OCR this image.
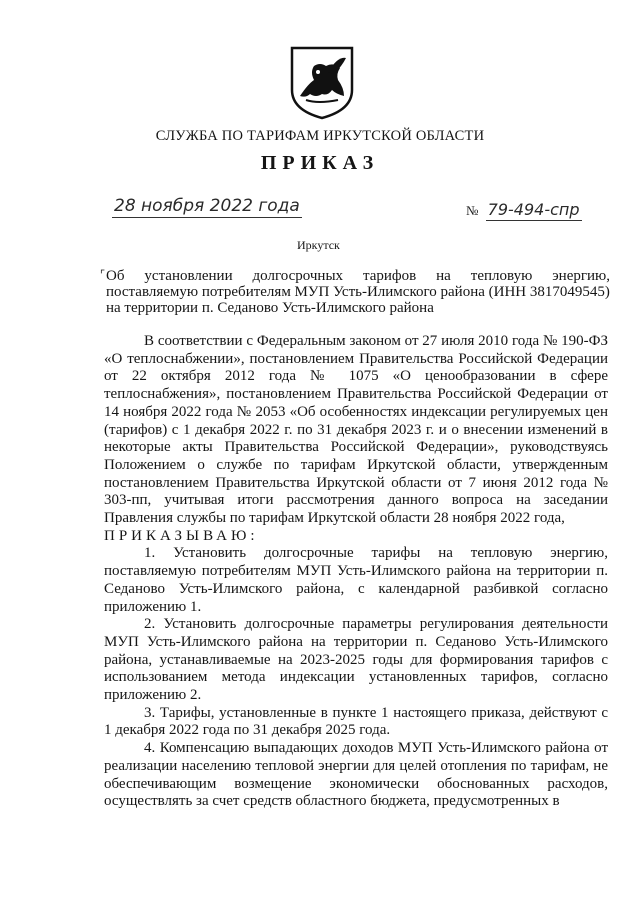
СЛУЖБА ПО ТАРИФАМ ИРКУТСКОЙ ОБЛАСТИ
ПРИКАЗ
28 ноября 2022 года	№ 79-494-спр
Иркутск
⌜ Об установлении долгосрочных тарифов на тепловую энергию,
поставляемую потребителям МУП Усть-Илимского района (ИНН 3817049545)
на территории п. Седаново Усть-Илимского района

В соответствии с Федеральным законом от 27 июля 2010 года № 190-ФЗ «О теплоснабжении», постановлением Правительства Российской Федерации от 22 октября 2012 года № 1075 «О ценообразовании в сфере теплоснабжения», постановлением Правительства Российской Федерации от 14 ноября 2022 года № 2053 «Об особенностях индексации регулируемых цен (тарифов) с 1 декабря 2022 г. по 31 декабря 2023 г. и о внесении изменений в некоторые акты Правительства Российской Федерации», руководствуясь Положением о службе по тарифам Иркутской области, утвержденным постановлением Правительства Иркутской области от 7 июня 2012 года № 303-пп, учитывая итоги рассмотрения данного вопроса на заседании Правления службы по тарифам Иркутской области 28 ноября 2022 года,

ПРИКАЗЫВАЮ:

1. Установить долгосрочные тарифы на тепловую энергию, поставляемую потребителям МУП Усть-Илимского района на территории п. Седаново Усть-Илимского района, с календарной разбивкой согласно приложению 1.

2. Установить долгосрочные параметры регулирования деятельности МУП Усть-Илимского района на территории п. Седаново Усть-Илимского района, устанавливаемые на 2023-2025 годы для формирования тарифов с использованием метода индексации установленных тарифов, согласно приложению 2.

3. Тарифы, установленные в пункте 1 настоящего приказа, действуют с 1 декабря 2022 года по 31 декабря 2025 года.

4. Компенсацию выпадающих доходов МУП Усть-Илимского района от реализации населению тепловой энергии для целей отопления по тарифам, не обеспечивающим возмещение экономически обоснованных расходов, осуществлять за счет средств областного бюджета, предусмотренных в
